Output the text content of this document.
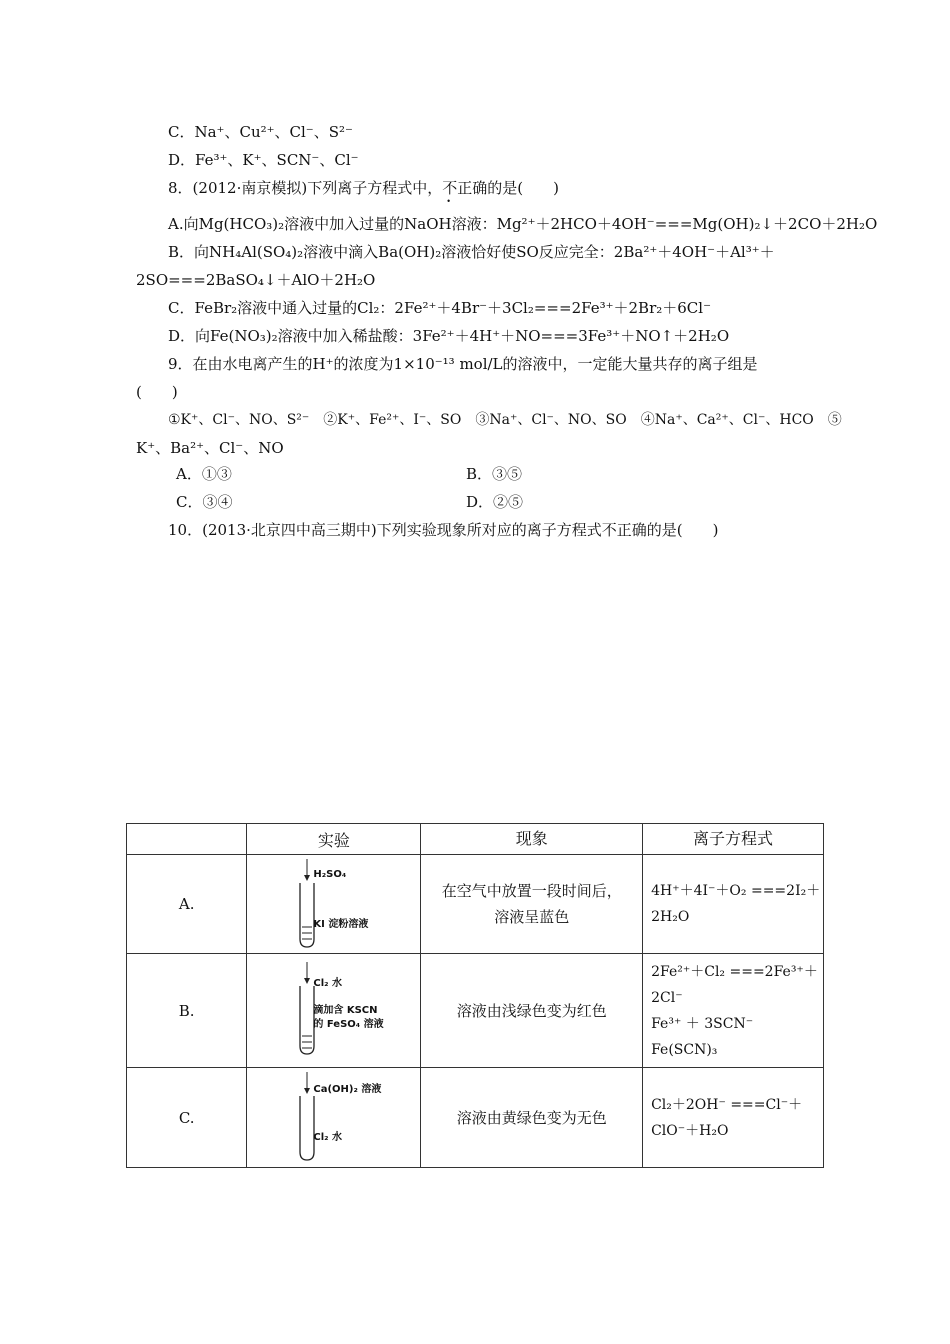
C．Na⁺、Cu²⁺、Cl⁻、S²⁻
D．Fe³⁺、K⁺、SCN⁻、Cl⁻
8．(2012·南京模拟)下列离子方程式中，不正确的是(　　)
A.向Mg(HCO₃)₂溶液中加入过量的NaOH溶液：Mg²⁺＋2HCO＋4OH⁻===Mg(OH)₂↓＋2CO＋2H₂O
B．向NH₄Al(SO₄)₂溶液中滴入Ba(OH)₂溶液恰好使SO反应完全：2Ba²⁺＋4OH⁻＋Al³⁺＋
2SO===2BaSO₄↓＋AlO＋2H₂O
C．FeBr₂溶液中通入过量的Cl₂：2Fe²⁺＋4Br⁻＋3Cl₂===2Fe³⁺＋2Br₂＋6Cl⁻
D．向Fe(NO₃)₂溶液中加入稀盐酸：3Fe²⁺＋4H⁺＋NO===3Fe³⁺＋NO↑＋2H₂O
9．在由水电离产生的H⁺的浓度为1×10⁻¹³ mol/L的溶液中，一定能大量共存的离子组是
(　　)
①K⁺、Cl⁻、NO、S²⁻　②K⁺、Fe²⁺、I⁻、SO　③Na⁺、Cl⁻、NO、SO　④Na⁺、Ca²⁺、Cl⁻、HCO　⑤
K⁺、Ba²⁺、Cl⁻、NO
A．①③	B．③⑤
C．③④	D．②⑤
10．(2013·北京四中高三期中)下列实验现象所对应的离子方程式不正确的是(　　)
	实验	现象	离子方程式
A.	H₂SO₄
KI 淀粉溶液	在空气中放置一段时间后，溶液呈蓝色	4H⁺＋4I⁻＋O₂ ===2I₂＋2H₂O
B.	Cl₂ 水
滴加含 KSCN
的 FeSO₄ 溶液	溶液由浅绿色变为红色	2Fe²⁺＋Cl₂ ===2Fe³⁺＋2Cl⁻
Fe³⁺ ＋ 3SCN⁻
Fe(SCN)₃
C.	Ca(OH)₂ 溶液
Cl₂ 水	溶液由黄绿色变为无色	Cl₂＋2OH⁻ ===Cl⁻＋ClO⁻＋H₂O
